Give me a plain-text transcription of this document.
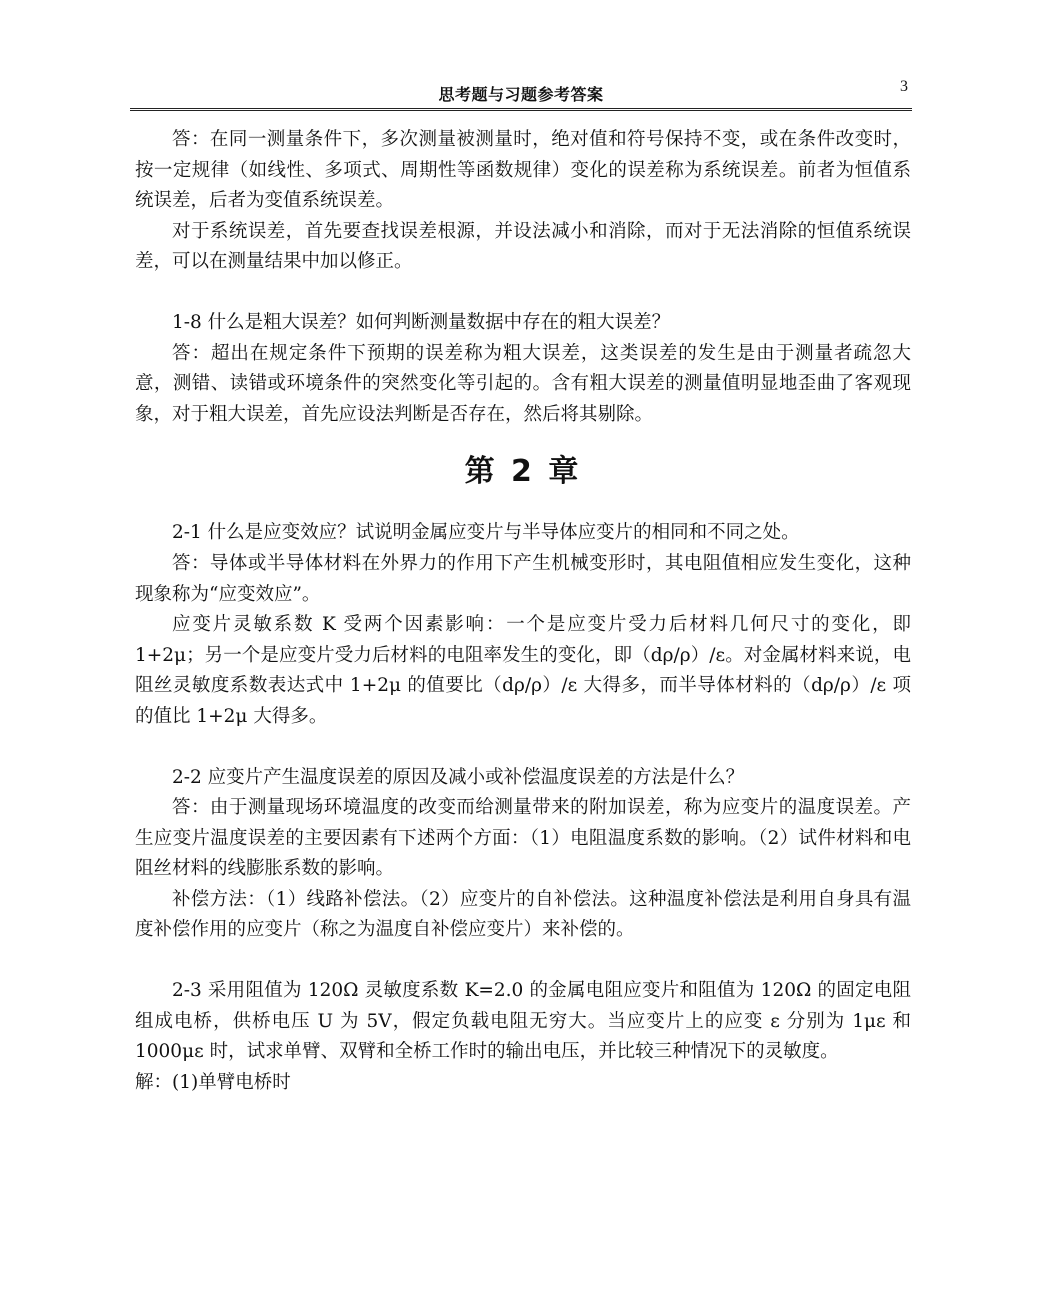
思考题与习题参考答案	3

答：在同一测量条件下，多次测量被测量时，绝对值和符号保持不变，或在条件改变时，按一定规律（如线性、多项式、周期性等函数规律）变化的误差称为系统误差。前者为恒值系统误差，后者为变值系统误差。

对于系统误差，首先要查找误差根源，并设法减小和消除，而对于无法消除的恒值系统误差，可以在测量结果中加以修正。

1-8 什么是粗大误差？如何判断测量数据中存在的粗大误差？

答：超出在规定条件下预期的误差称为粗大误差，这类误差的发生是由于测量者疏忽大意，测错、读错或环境条件的突然变化等引起的。含有粗大误差的测量值明显地歪曲了客观现象，对于粗大误差，首先应设法判断是否存在，然后将其剔除。

第 2 章

2-1 什么是应变效应？试说明金属应变片与半导体应变片的相同和不同之处。

答：导体或半导体材料在外界力的作用下产生机械变形时，其电阻值相应发生变化，这种现象称为“应变效应”。

应变片灵敏系数 K 受两个因素影响：一个是应变片受力后材料几何尺寸的变化，即 1+2μ；另一个是应变片受力后材料的电阻率发生的变化，即（dρ/ρ）/ε。对金属材料来说，电阻丝灵敏度系数表达式中 1+2μ 的值要比（dρ/ρ）/ε 大得多，而半导体材料的（dρ/ρ）/ε 项的值比 1+2μ 大得多。

2-2 应变片产生温度误差的原因及减小或补偿温度误差的方法是什么？

答：由于测量现场环境温度的改变而给测量带来的附加误差，称为应变片的温度误差。产生应变片温度误差的主要因素有下述两个方面：（1）电阻温度系数的影响。（2）试件材料和电阻丝材料的线膨胀系数的影响。

补偿方法：（1）线路补偿法。（2）应变片的自补偿法。这种温度补偿法是利用自身具有温度补偿作用的应变片（称之为温度自补偿应变片）来补偿的。

2-3 采用阻值为 120Ω 灵敏度系数 K=2.0 的金属电阻应变片和阻值为 120Ω 的固定电阻组成电桥，供桥电压 U 为 5V，假定负载电阻无穷大。当应变片上的应变 ε 分别为 1με 和 1000με 时，试求单臂、双臂和全桥工作时的输出电压，并比较三种情况下的灵敏度。

解：(1)单臂电桥时
